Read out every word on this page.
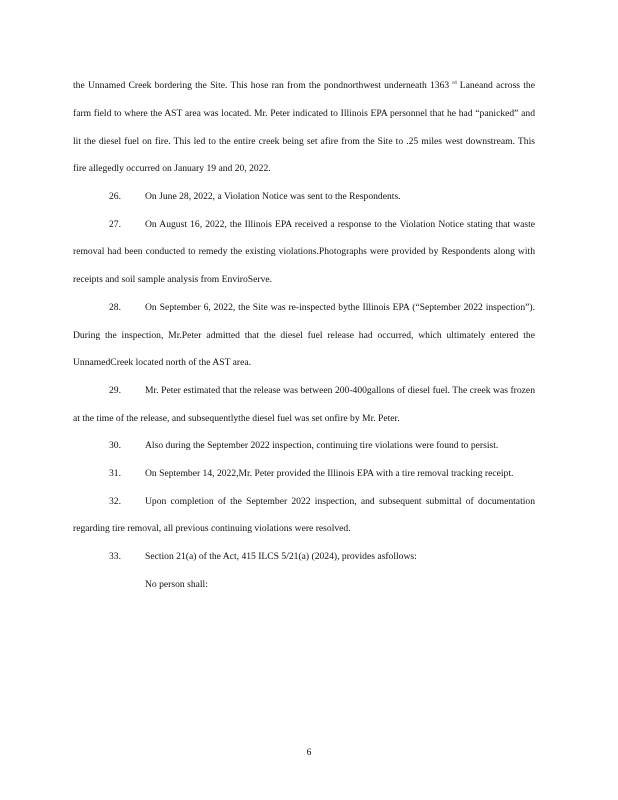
the Unnamed Creek bordering the Site. This hose ran from the pondnorthwest underneath 1363 $^{rd}$ Laneand across the farm field to where the AST area was located. Mr. Peter indicated to Illinois EPA personnel that he had “panicked” and lit the diesel fuel on fire. This led to the entire creek being set afire from the Site to .25 miles west downstream. This fire allegedly occurred on January 19 and 20, 2022.

26.	On June 28, 2022, a Violation Notice was sent to the Respondents.

27.	On August 16, 2022, the Illinois EPA received a response to the Violation Notice stating that waste removal had been conducted to remedy the existing violations.Photographs were provided by Respondents along with receipts and soil sample analysis from EnviroServe.

28.	On September 6, 2022, the Site was re-inspected bythe Illinois EPA (“September 2022 inspection”). During the inspection, Mr.Peter admitted that the diesel fuel release had occurred, which ultimately entered the UnnamedCreek located north of the AST area.

29.	Mr. Peter estimated that the release was between 200-400gallons of diesel fuel. The creek was frozen at the time of the release, and subsequentlythe diesel fuel was set onfire by Mr. Peter.

30.	Also during the September 2022 inspection, continuing tire violations were found to persist.

31.	On September 14, 2022,Mr. Peter provided the Illinois EPA with a tire removal tracking receipt.

32.	Upon completion of the September 2022 inspection, and subsequent submittal of documentation regarding tire removal, all previous continuing violations were resolved.

33.	Section 21(a) of the Act, 415 ILCS 5/21(a) (2024), provides asfollows:

No person shall:

6
